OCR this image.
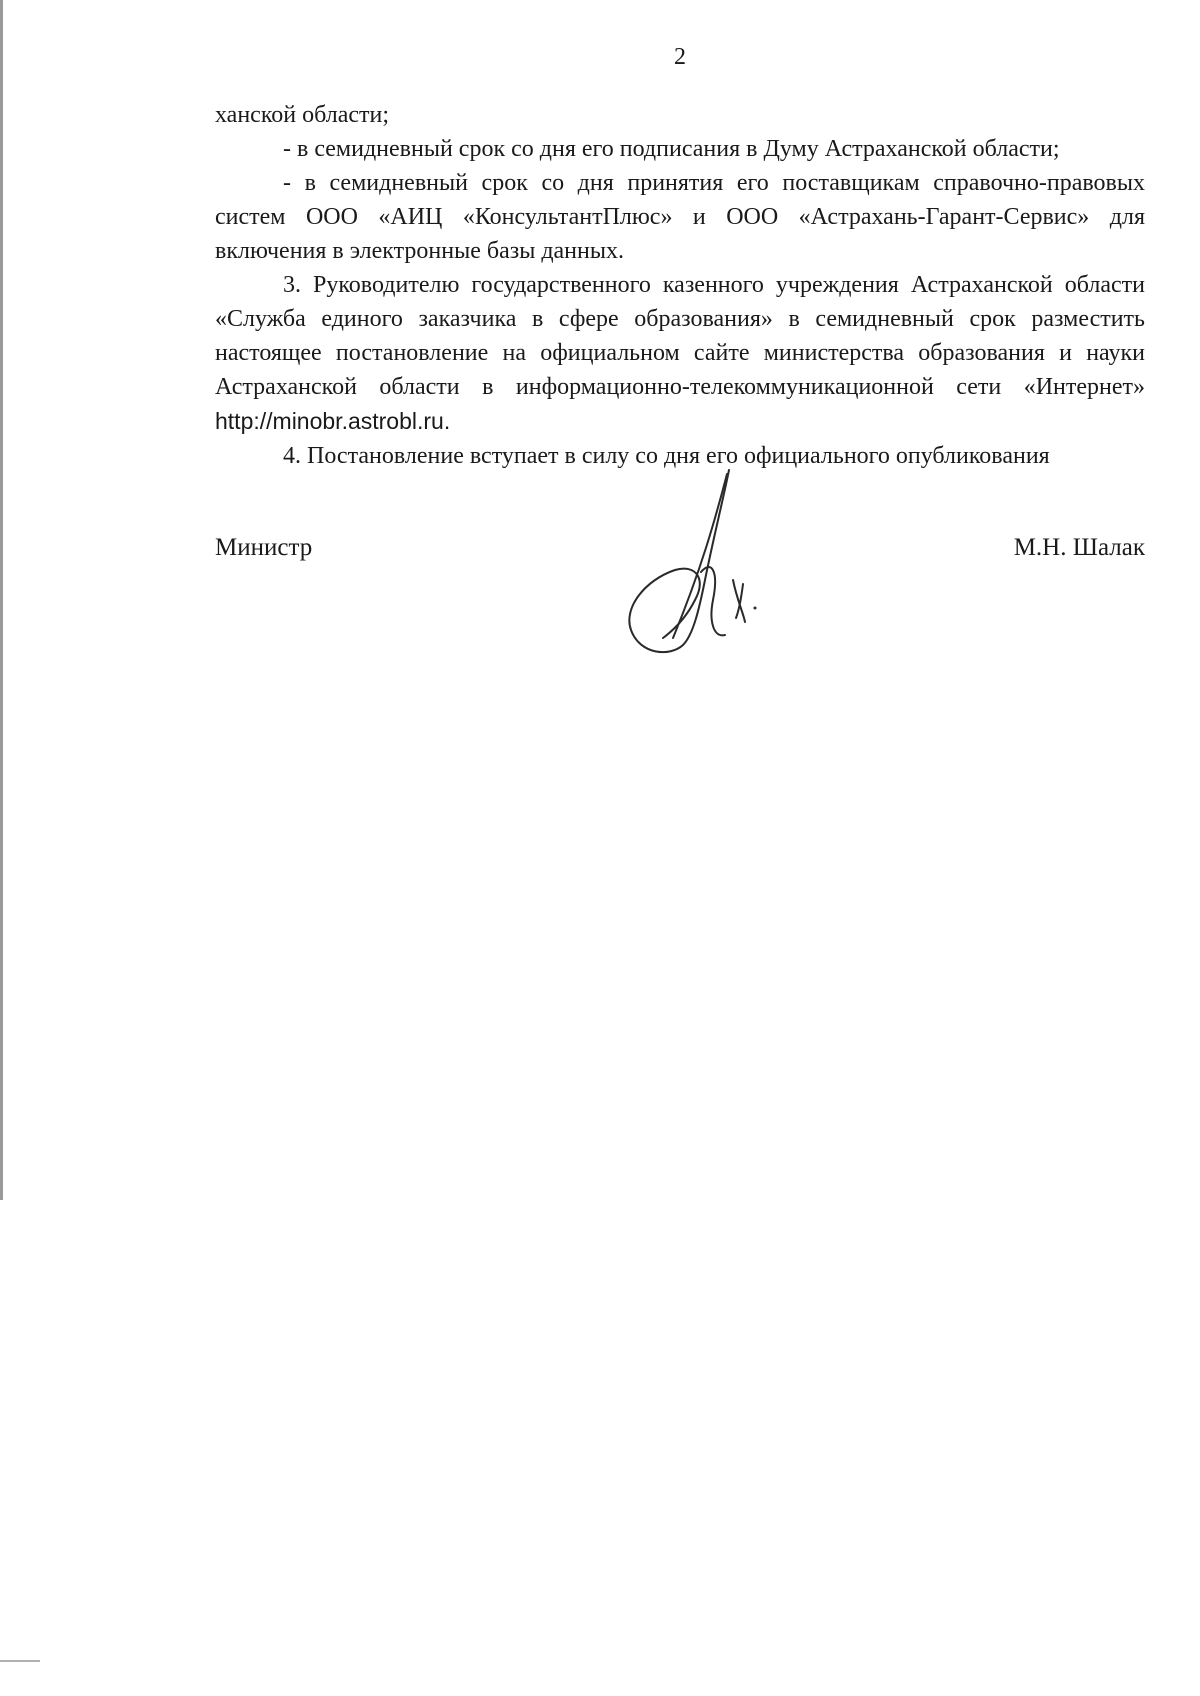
2

ханской области;

- в семидневный срок со дня его подписания в Думу Астраханской области;

- в семидневный срок со дня принятия его поставщикам справочно-правовых систем ООО «АИЦ «КонсультантПлюс» и ООО «Астрахань-Гарант-Сервис» для включения в электронные базы данных.

3. Руководителю государственного казенного учреждения Астраханской области «Служба единого заказчика в сфере образования» в семидневный срок разместить настоящее постановление на официальном сайте министерства образования и науки Астраханской области в информационно-телекоммуникационной сети «Интернет» http://minobr.astrobl.ru.

4. Постановление вступает в силу со дня его официального опубликования

Министр	М.Н. Шалак
